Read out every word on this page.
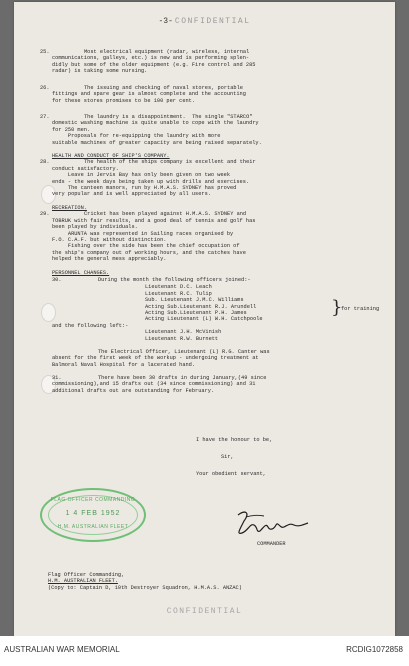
-3- CONFIDENTIAL
25.	Most electrical equipment (radar, wireless, internal
communications, galleys, etc.) is new and is performing splen-
didly but some of the older equipment (e.g. Fire control and 285
radar) is taking some nursing.
26.	The issuing and checking of naval stores, portable
fittings and spare gear is almost complete and the accounting
for these stores promises to be 100 per cent.
27.	The laundry is a disappointment.  The single "STARCO"
domestic washing machine is quite unable to cope with the laundry
for 250 men.
Proposals for re-equipping the laundry with more
suitable machines of greater capacity are being raised separately.
HEALTH AND CONDUCT OF SHIP'S COMPANY.
28.	The health of the ships company is excellent and their
conduct satisfactory.
Leave in Jervis Bay has only been given on two week
ends - the week days being taken up with drills and exercises.
The canteen manors, run by H.M.A.S. SYDNEY has proved
very popular and is well appreciated by all users.
RECREATION.
29.	Cricket has been played against H.M.A.S. SYDNEY and
TOBRUK with fair results, and a good deal of tennis and golf has
been played by individuals.
ARUNTA was represented in Sailing races organised by
F.O. C.A.F. but without distinction.
Fishing over the side has been the chief occupation of
the ship's company out of working hours, and the catches have
helped the general mess appreciably.
PERSONNEL CHANGES.
30.	During the month the following officers joined:-
Lieutenant D.C. Leach
Lieutenant R.C. Tulip
Sub. Lieutenant J.M.C. Williams
Acting Sub.Lieutenant R.J. Arundell
Acting Sub.Lieutenant P.H. James
Acting Lieutenant (L) W.H. Catchpoole
}
for training
and the following left:-
Lieutenant J.H. McVinish
Lieutenant R.W. Burnett
The Electrical Officer, Lieutenant (L) R.G. Canter was
absent for the first week of the workup - undergoing treatment at
Balmoral Naval Hospital for a lacerated hand.
31.	There have been 30 drafts in during January,(49 since
commissioning),and 15 drafts out (34 since commissioning) and 31
additional drafts out are outstanding for February.
I have the honour to be,
Sir,
Your obedient servant,
COMMANDER
Flag Officer Commanding,
H.M. AUSTRALIAN FLEET.
(Copy to: Captain D, 10th Destroyer Squadron, H.M.A.S. ANZAC)
CONFIDENTIAL
FLAG OFFICER COMMANDING
1 4 FEB 1952
H.M. AUSTRALIAN FLEET
AUSTRALIAN WAR MEMORIAL	RCDIG1072858
